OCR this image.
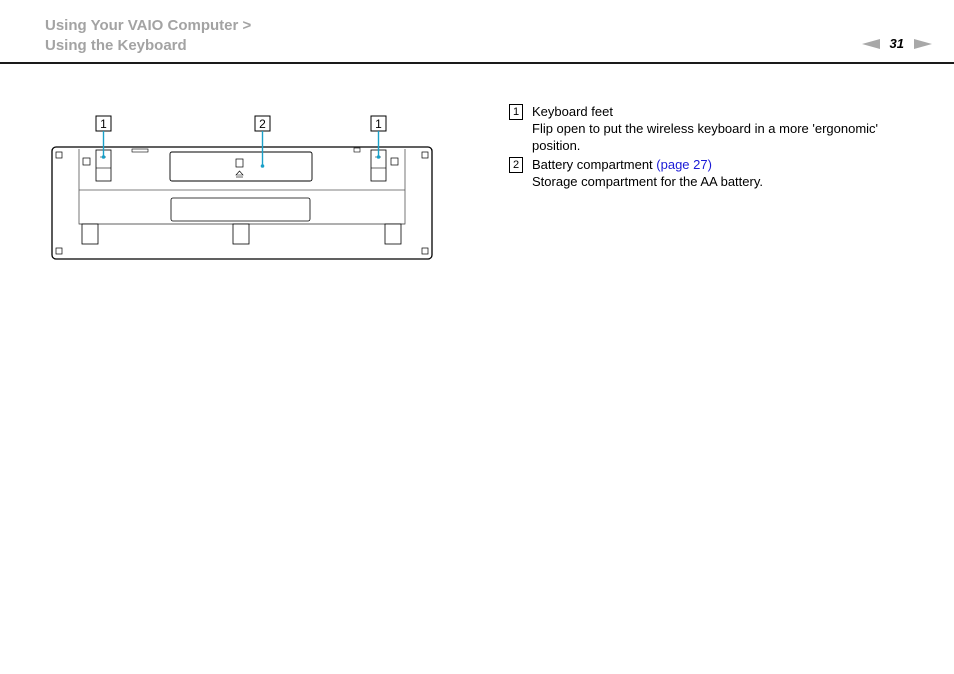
Using Your VAIO Computer >
Using the Keyboard	31
1	2	1
1 Keyboard feet
Flip open to put the wireless keyboard in a more 'ergonomic' position.
2 Battery compartment (page 27)
Storage compartment for the AA battery.
